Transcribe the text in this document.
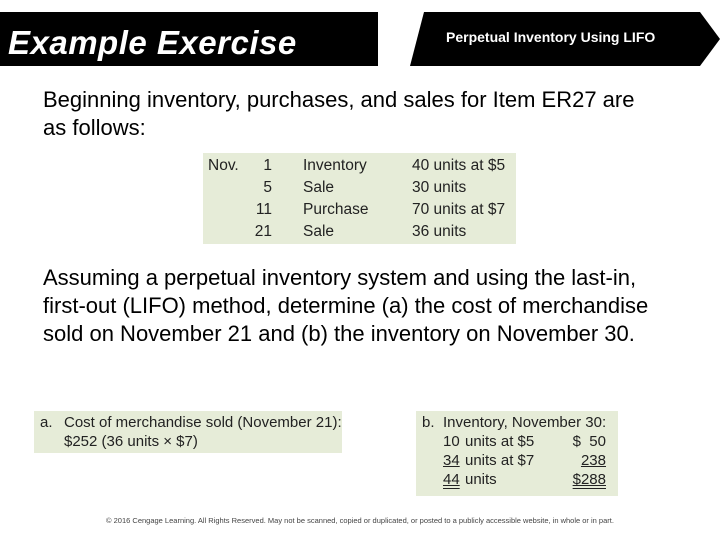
Example Exercise	Perpetual Inventory Using LIFO
Beginning inventory, purchases, and sales for Item ER27 are as follows:
Nov. 1 Inventory	40 units at $5
5 Sale	30 units
11 Purchase	70 units at $7
21 Sale	36 units
Assuming a perpetual inventory system and using the last-in, first-out (LIFO) method, determine (a) the cost of merchandise sold on November 21 and (b) the inventory on November 30.
a. Cost of merchandise sold (November 21):
$252 (36 units × $7)
b. Inventory, November 30:
10 units at $5	$  50
34 units at $7	238
44 units	$288
© 2016 Cengage Learning. All Rights Reserved. May not be scanned, copied or duplicated, or posted to a publicly accessible website, in whole or in part.
